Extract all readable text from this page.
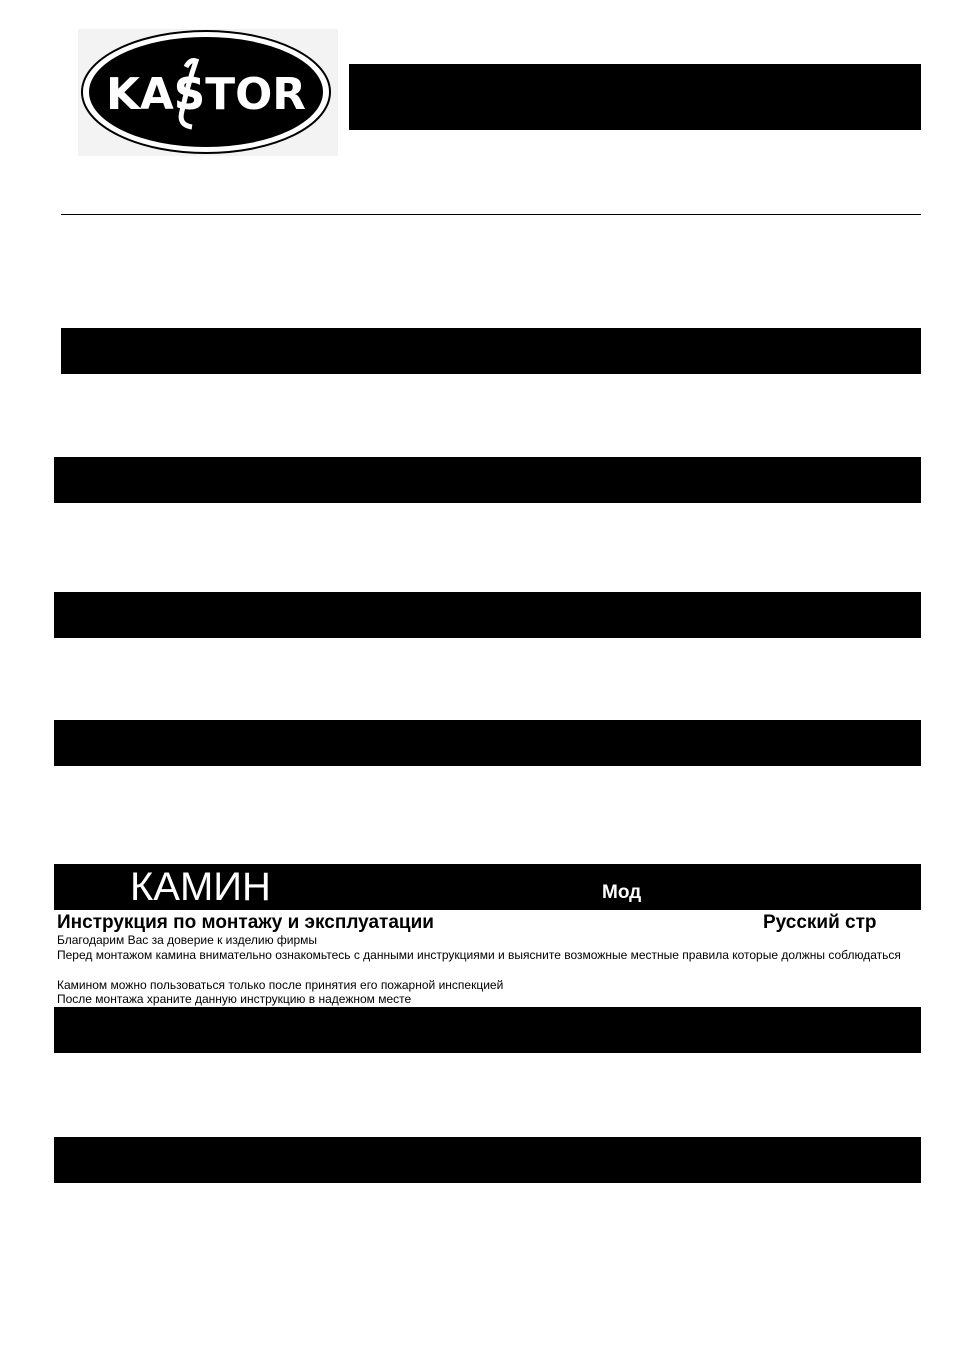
KASTOR
КАМИН	Мод
Инструкция по монтажу и эксплуатации	Русский стр
Благодарим Вас за доверие к изделию фирмы
Перед монтажом камина внимательно ознакомьтесь с данными инструкциями и выясните возможные местные правила которые должны соблюдаться
Камином можно пользоваться только после принятия его пожарной инспекцией
После монтажа храните данную инструкцию в надежном месте
